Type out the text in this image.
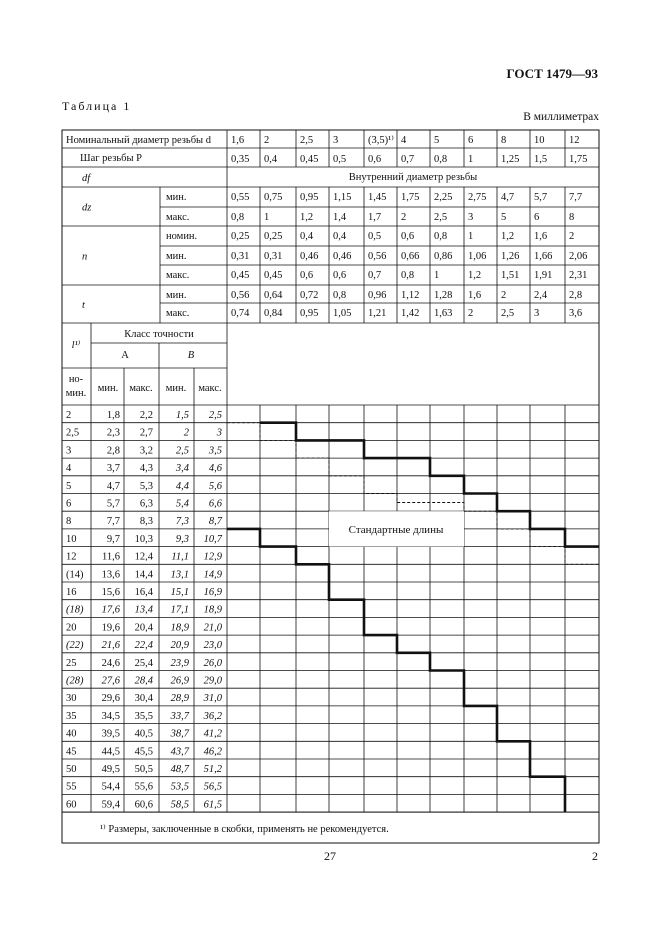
ГОСТ 1479—93
Таблица 1
В миллиметрах
Номинальный диаметр резьбы d 1,6 2	2,5 3	(3,5)¹⁾ 4	5	6	8	10 12
Шаг резьбы P	0,35 0,4 0,45 0,5 0,6 0,7 0,8 1	1,25 1,5 1,75
df	Внутренний диаметр резьбы
dz
мин.	0,55 0,75 0,95 1,15 1,45 1,75 2,25 2,75 4,7 5,7 7,7
макс.	0,8 1	1,2 1,4 1,7 2	2,5 3	5	6	8
n
номин.	0,25 0,25 0,4 0,4 0,5 0,6 0,8 1	1,2 1,6 2
мин.	0,31 0,31 0,46 0,46 0,56 0,66 0,86 1,06 1,26 1,66 2,06
макс.	0,45 0,45 0,6 0,6 0,7 0,8 1	1,2 1,51 1,91 2,31
t
мин.	0,56 0,64 0,72 0,8 0,96 1,12 1,28 1,6 2	2,4 2,8
макс.	0,74 0,84 0,95 1,05 1,21 1,42 1,63 2	2,5 3	3,6
l¹⁾
Класс точности
A	B
но-
мин. мин. макс. мин. макс.
2	1,8 2,2 1,5 2,5
2,5	2,3 2,7	2	3
3	2,8 3,2 2,5 3,5
4	3,7 4,3 3,4 4,6
5	4,7 5,3 4,4 5,6
6	5,7 6,3 5,4 6,6
8	7,7 8,3 7,3 8,7
10	9,7 10,3 9,3 10,7
12 11,6 12,4 11,1 12,9
(14) 13,6 14,4 13,1 14,9
16 15,6 16,4 15,1 16,9
(18) 17,6 13,4 17,1 18,9
20 19,6 20,4 18,9 21,0
(22) 21,6 22,4 20,9 23,0
25 24,6 25,4 23,9 26,0
(28) 27,6 28,4 26,9 29,0
30 29,6 30,4 28,9 31,0
35 34,5 35,5 33,7 36,2
40 39,5 40,5 38,7 41,2
45 44,5 45,5 43,7 46,2
50 49,5 50,5 48,7 51,2
55 54,4 55,6 53,5 56,5
60 59,4 60,6 58,5 61,5
Стандартные длины
¹⁾ Размеры, заключенные в скобки, применять не рекомендуется.
27	2
